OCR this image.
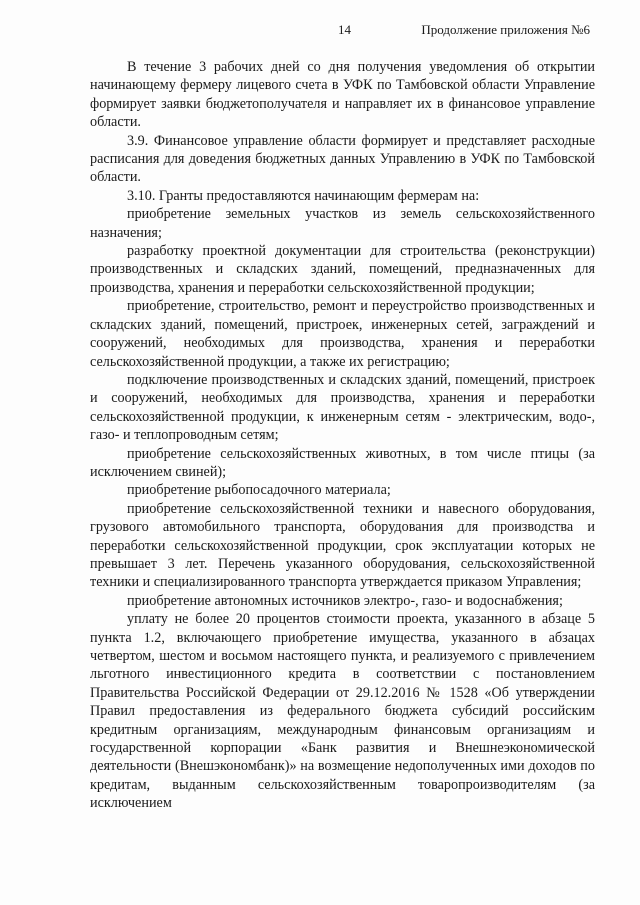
14	Продолжение приложения №6

В течение 3 рабочих дней со дня получения уведомления об открытии начинающему фермеру лицевого счета в УФК по Тамбовской области Управление формирует заявки бюджетополучателя и направляет их в финансовое управление области.

3.9. Финансовое управление области формирует и представляет расходные расписания для доведения бюджетных данных Управлению в УФК по Тамбовской области.

3.10. Гранты предоставляются начинающим фермерам на:

приобретение земельных участков из земель сельскохозяйственного назначения;

разработку проектной документации для строительства (реконструкции) производственных и складских зданий, помещений, предназначенных для производства, хранения и переработки сельскохозяйственной продукции;

приобретение, строительство, ремонт и переустройство производственных и складских зданий, помещений, пристроек, инженерных сетей, заграждений и сооружений, необходимых для производства, хранения и переработки сельскохозяйственной продукции, а также их регистрацию;

подключение производственных и складских зданий, помещений, пристроек и сооружений, необходимых для производства, хранения и переработки сельскохозяйственной продукции, к инженерным сетям - электрическим, водо-, газо- и теплопроводным сетям;

приобретение сельскохозяйственных животных, в том числе птицы (за исключением свиней);

приобретение рыбопосадочного материала;

приобретение сельскохозяйственной техники и навесного оборудования, грузового автомобильного транспорта, оборудования для производства и переработки сельскохозяйственной продукции, срок эксплуатации которых не превышает 3 лет. Перечень указанного оборудования, сельскохозяйственной техники и специализированного транспорта утверждается приказом Управления;

приобретение автономных источников электро-, газо- и водоснабжения;

уплату не более 20 процентов стоимости проекта, указанного в абзаце 5 пункта 1.2, включающего приобретение имущества, указанного в абзацах четвертом, шестом и восьмом настоящего пункта, и реализуемого с привлечением льготного инвестиционного кредита в соответствии с постановлением Правительства Российской Федерации от 29.12.2016 № 1528 «Об утверждении Правил предоставления из федерального бюджета субсидий российским кредитным организациям, международным финансовым организациям и государственной корпорации «Банк развития и Внешнеэкономической деятельности (Внешэкономбанк)» на возмещение недополученных ими доходов по кредитам, выданным сельскохозяйственным товаропроизводителям (за исключением
